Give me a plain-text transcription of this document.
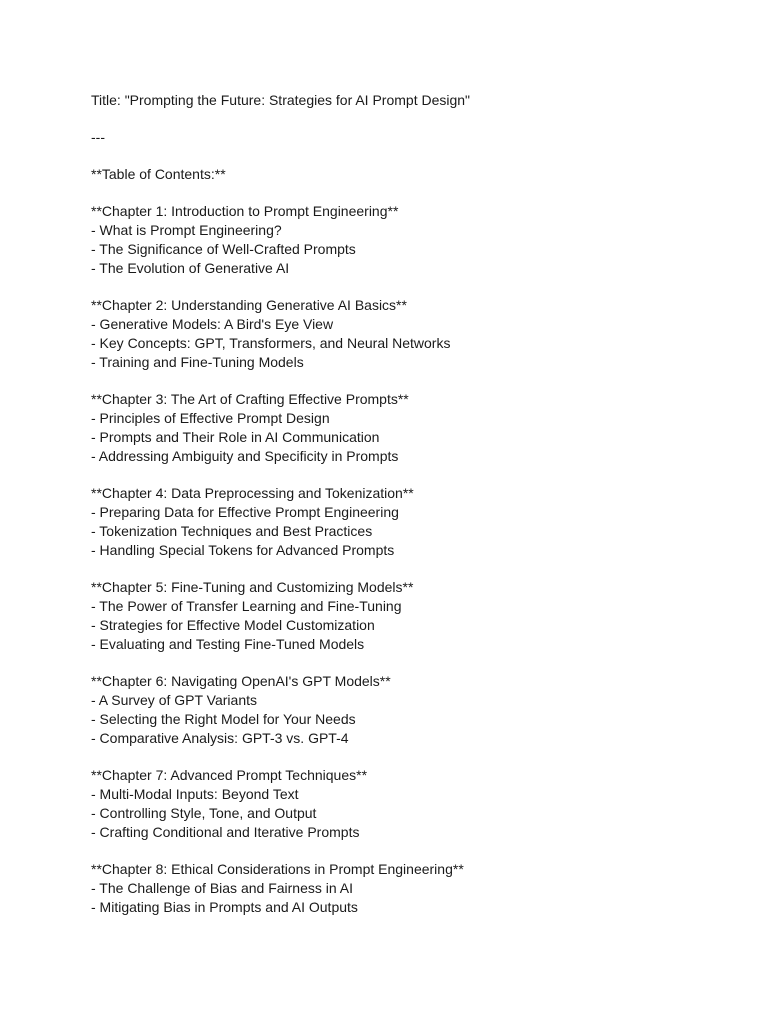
Title: "Prompting the Future: Strategies for AI Prompt Design"
---
**Table of Contents:**
**Chapter 1: Introduction to Prompt Engineering**
- What is Prompt Engineering?
- The Significance of Well-Crafted Prompts
- The Evolution of Generative AI
**Chapter 2: Understanding Generative AI Basics**
- Generative Models: A Bird's Eye View
- Key Concepts: GPT, Transformers, and Neural Networks
- Training and Fine-Tuning Models
**Chapter 3: The Art of Crafting Effective Prompts**
- Principles of Effective Prompt Design
- Prompts and Their Role in AI Communication
- Addressing Ambiguity and Specificity in Prompts
**Chapter 4: Data Preprocessing and Tokenization**
- Preparing Data for Effective Prompt Engineering
- Tokenization Techniques and Best Practices
- Handling Special Tokens for Advanced Prompts
**Chapter 5: Fine-Tuning and Customizing Models**
- The Power of Transfer Learning and Fine-Tuning
- Strategies for Effective Model Customization
- Evaluating and Testing Fine-Tuned Models
**Chapter 6: Navigating OpenAI's GPT Models**
- A Survey of GPT Variants
- Selecting the Right Model for Your Needs
- Comparative Analysis: GPT-3 vs. GPT-4
**Chapter 7: Advanced Prompt Techniques**
- Multi-Modal Inputs: Beyond Text
- Controlling Style, Tone, and Output
- Crafting Conditional and Iterative Prompts
**Chapter 8: Ethical Considerations in Prompt Engineering**
- The Challenge of Bias and Fairness in AI
- Mitigating Bias in Prompts and AI Outputs
